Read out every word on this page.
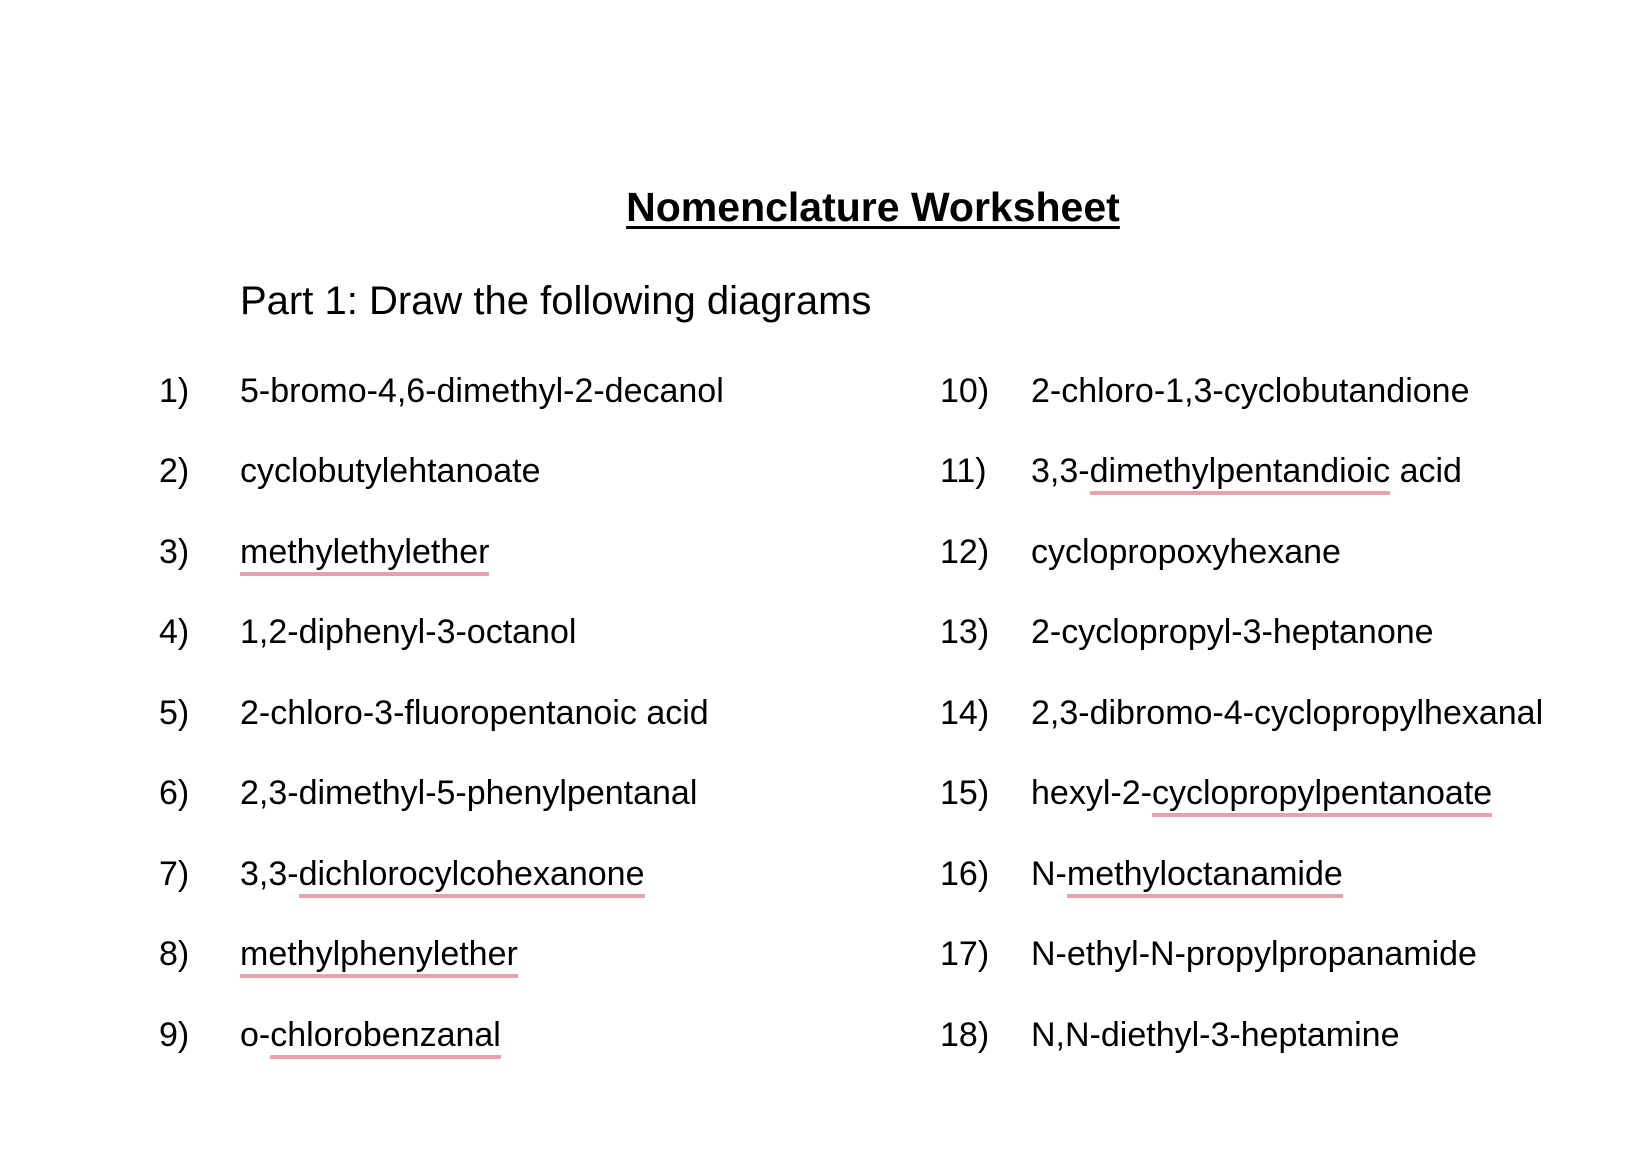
Nomenclature Worksheet
Part 1: Draw the following diagrams
1) 5-bromo-4,6-dimethyl-2-decanol
2) cyclobutylehtanoate
3) methylethylether
4) 1,2-diphenyl-3-octanol
5) 2-chloro-3-fluoropentanoic acid
6) 2,3-dimethyl-5-phenylpentanal
7) 3,3-dichlorocylcohexanone
8) methylphenylether
9) o-chlorobenzanal
10) 2-chloro-1,3-cyclobutandione
11) 3,3-dimethylpentandioic acid
12) cyclopropoxyhexane
13) 2-cyclopropyl-3-heptanone
14) 2,3-dibromo-4-cyclopropylhexanal
15) hexyl-2-cyclopropylpentanoate
16) N-methyloctanamide
17) N-ethyl-N-propylpropanamide
18) N,N-diethyl-3-heptamine
